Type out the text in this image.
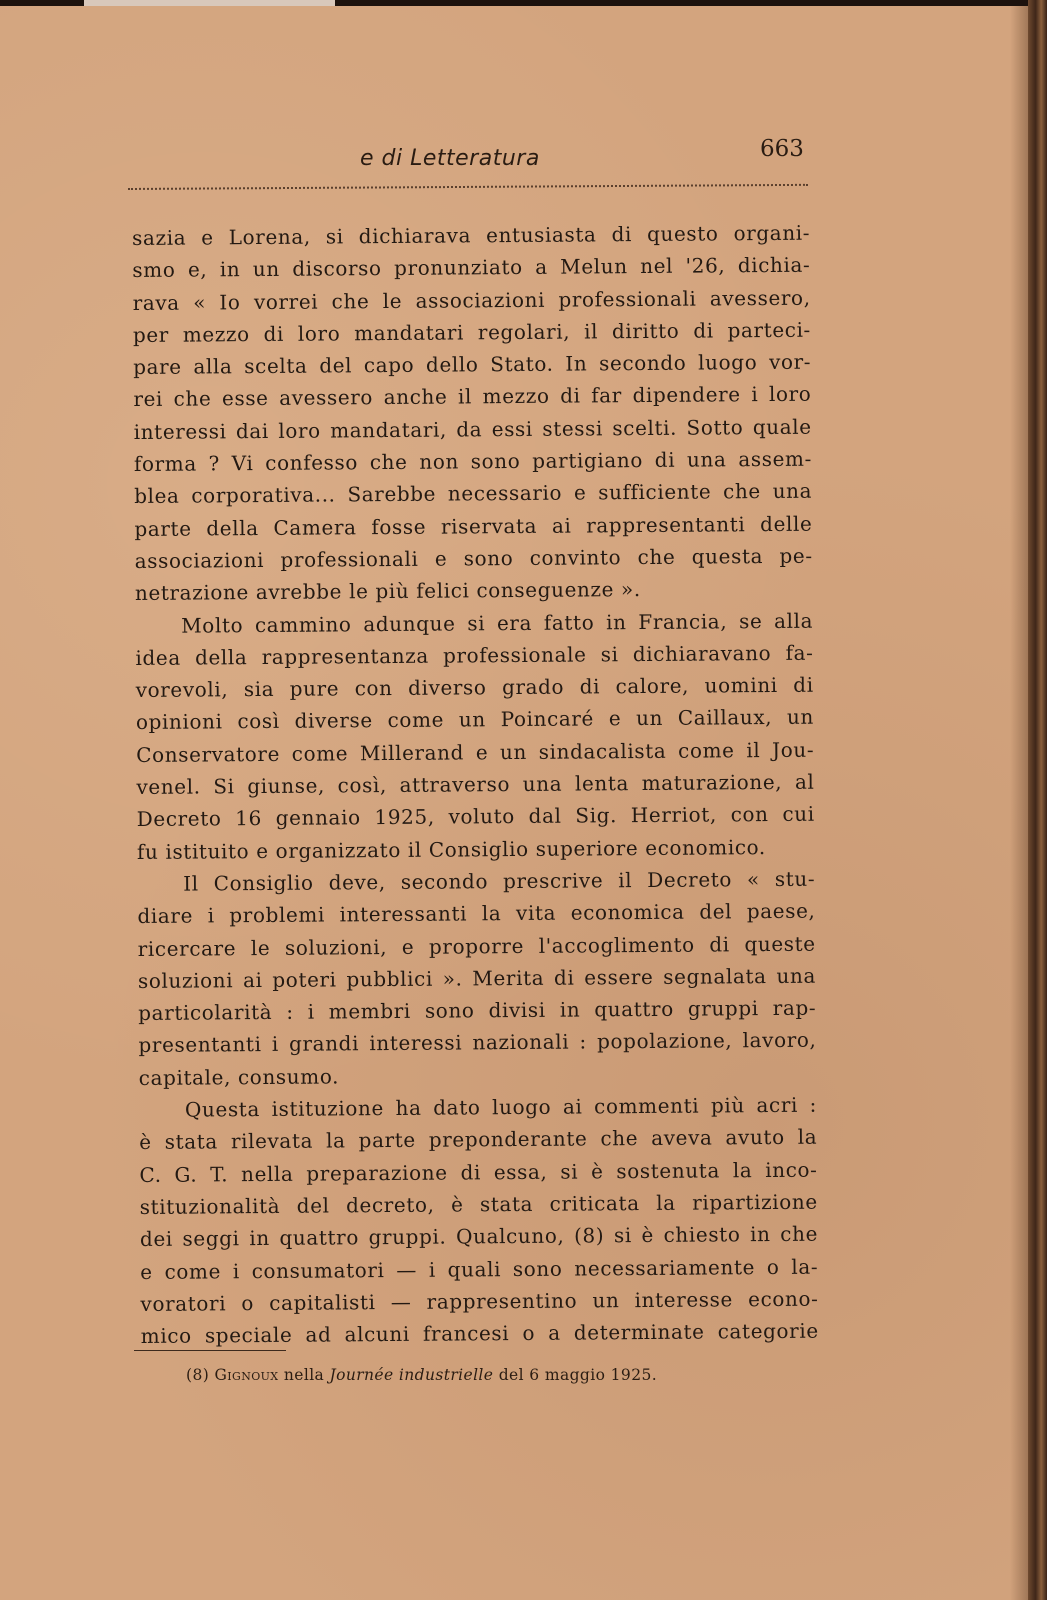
e di Letteratura	663
sazia e Lorena, si dichiarava entusiasta di questo organi-
smo e, in un discorso pronunziato a Melun nel '26, dichia-
rava « Io vorrei che le associazioni professionali avessero,
per mezzo di loro mandatari regolari, il diritto di parteci-
pare alla scelta del capo dello Stato. In secondo luogo vor-
rei che esse avessero anche il mezzo di far dipendere i loro
interessi dai loro mandatari, da essi stessi scelti. Sotto quale
forma ? Vi confesso che non sono partigiano di una assem-
blea corporativa... Sarebbe necessario e sufficiente che una
parte della Camera fosse riservata ai rappresentanti delle
associazioni professionali e sono convinto che questa pe-
netrazione avrebbe le più felici conseguenze ».
Molto cammino adunque si era fatto in Francia, se alla
idea della rappresentanza professionale si dichiaravano fa-
vorevoli, sia pure con diverso grado di calore, uomini di
opinioni così diverse come un Poincaré e un Caillaux, un
Conservatore come Millerand e un sindacalista come il Jou-
venel. Si giunse, così, attraverso una lenta maturazione, al
Decreto 16 gennaio 1925, voluto dal Sig. Herriot, con cui
fu istituito e organizzato il Consiglio superiore economico.
Il Consiglio deve, secondo prescrive il Decreto « stu-
diare i problemi interessanti la vita economica del paese,
ricercare le soluzioni, e proporre l'accoglimento di queste
soluzioni ai poteri pubblici ». Merita di essere segnalata una
particolarità : i membri sono divisi in quattro gruppi rap-
presentanti i grandi interessi nazionali : popolazione, lavoro,
capitale, consumo.
Questa istituzione ha dato luogo ai commenti più acri :
è stata rilevata la parte preponderante che aveva avuto la
C. G. T. nella preparazione di essa, si è sostenuta la inco-
stituzionalità del decreto, è stata criticata la ripartizione
dei seggi in quattro gruppi. Qualcuno, (8) si è chiesto in che
e come i consumatori — i quali sono necessariamente o la-
voratori o capitalisti — rappresentino un interesse econo-
mico speciale ad alcuni francesi o a determinate categorie
(8) Gignoux nella Journée industrielle del 6 maggio 1925.
